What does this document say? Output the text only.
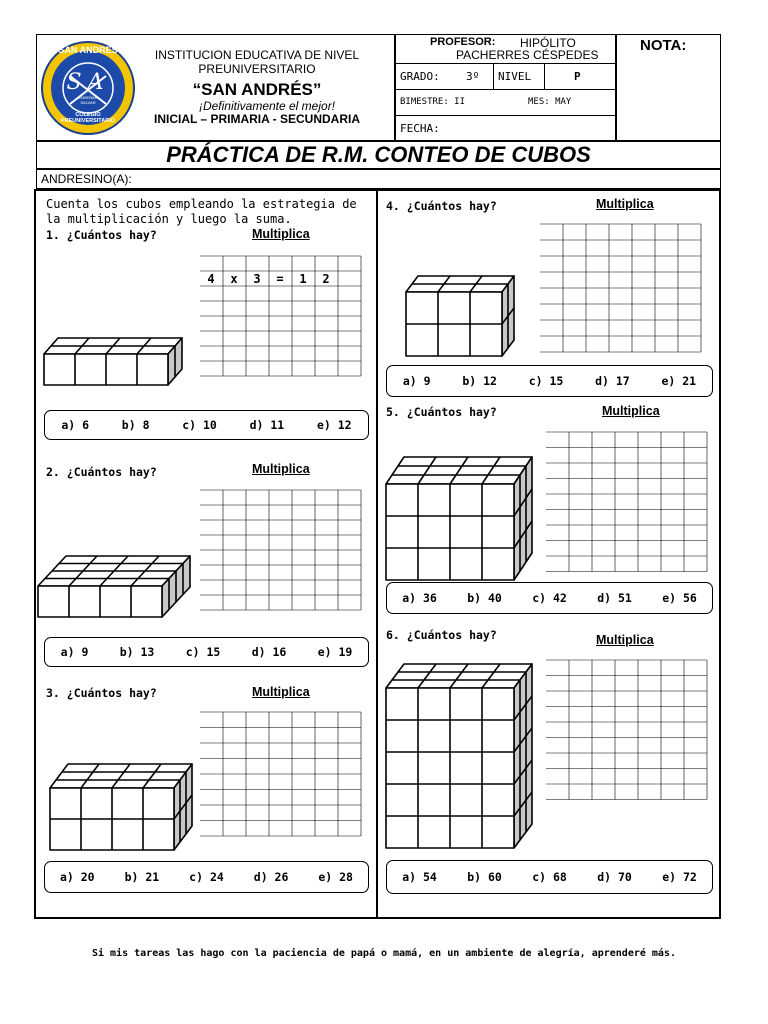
SAN ANDRES
SA
ENSEÑAR SALVAR
COLEGIO PREUNIVERSITARIO
INSTITUCION EDUCATIVA DE NIVEL PREUNIVERSITARIO
“SAN ANDRÉS”
¡Definitivamente el mejor!
INICIAL – PRIMARIA - SECUNDARIA
PROFESOR: HIPÓLITO
PACHERRES CÉSPEDES
GRADO: 3º NIVEL	P
BIMESTRE: II	MES: MAY
FECHA:
NOTA:
PRÁCTICA DE R.M. CONTEO DE CUBOS
ANDRESINO(A):
Cuenta los cubos empleando la estrategia de la multiplicación y luego la suma.
1. ¿Cuántos hay?
2. ¿Cuántos hay?
3. ¿Cuántos hay?
4. ¿Cuántos hay?
5. ¿Cuántos hay?
6. ¿Cuántos hay?
Multiplica
Multiplica
Multiplica
Multiplica
Multiplica
Multiplica
4	x	3	=	1	2
a) 6	b) 8	c) 10	d) 11	e) 12
a) 9	b) 13	c) 15	d) 16	e) 19
a) 20	b) 21	c) 24	d) 26	e) 28
a) 9	b) 12	c) 15	d) 17	e) 21
a) 36	b) 40	c) 42	d) 51	e) 56
a) 54	b) 60	c) 68	d) 70	e) 72
Si mis tareas las hago con la paciencia de papá o mamá, en un ambiente de alegría, aprenderé más.
